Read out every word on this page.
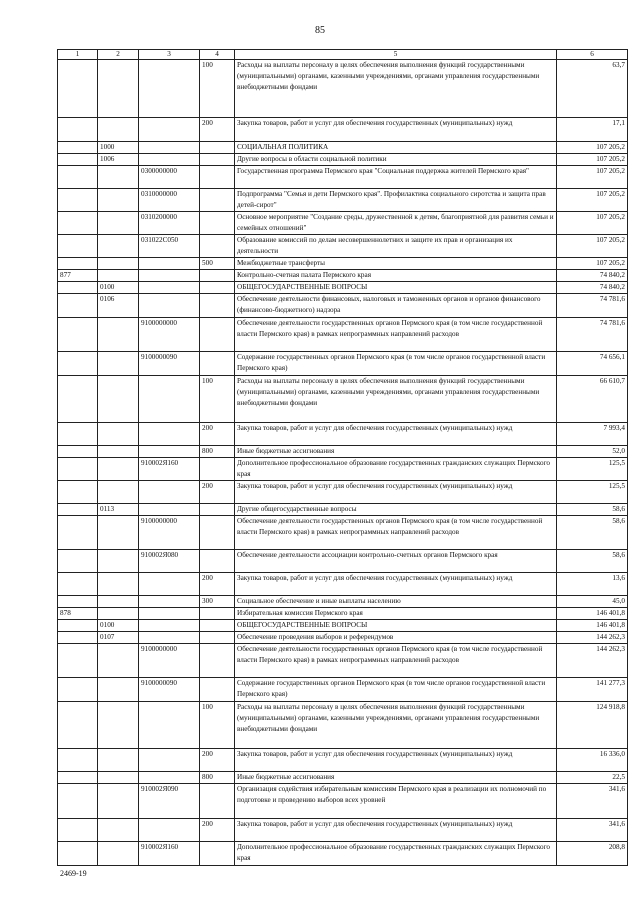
85
1	2	3	4	5	6
			100	Расходы на выплаты персоналу в целях обеспечения выполнения функций государственными (муниципальными) органами, казенными учреждениями, органами управления государственными внебюджетными фондами	63,7
			200	Закупка товаров, работ и услуг для обеспечения государственных (муниципальных) нужд	17,1
	1000			СОЦИАЛЬНАЯ ПОЛИТИКА	107 205,2
	1006			Другие вопросы в области социальной политики	107 205,2
		0300000000		Государственная программа Пермского края "Социальная поддержка жителей Пермского края"	107 205,2
		0310000000		Подпрограмма "Семья и дети Пермского края". Профилактика социального сиротства и защита прав детей-сирот"	107 205,2
		0310200000		Основное мероприятие "Создание среды, дружественной к детям, благоприятной для развития семьи и семейных отношений"	107 205,2
		031022С050		Образование комиссий по делам несовершеннолетних и защите их прав и организация их деятельности	107 205,2
			500	Межбюджетные трансферты	107 205,2
877				Контрольно-счетная палата Пермского края	74 840,2
	0100			ОБЩЕГОСУДАРСТВЕННЫЕ ВОПРОСЫ	74 840,2
	0106			Обеспечение деятельности финансовых, налоговых и таможенных органов и органов финансового (финансово-бюджетного) надзора	74 781,6
		9100000000		Обеспечение деятельности государственных органов Пермского края (в том числе государственной власти Пермского края) в рамках непрограммных направлений расходов	74 781,6
		9100000090		Содержание государственных органов Пермского края (в том числе органов государственной власти Пермского края)	74 656,1
			100	Расходы на выплаты персоналу в целях обеспечения выполнения функций государственными (муниципальными) органами, казенными учреждениями, органами управления государственными внебюджетными фондами	66 610,7
			200	Закупка товаров, работ и услуг для обеспечения государственных (муниципальных) нужд	7 993,4
			800	Иные бюджетные ассигнования	52,0
		910002Я160		Дополнительное профессиональное образование государственных гражданских служащих Пермского края	125,5
			200	Закупка товаров, работ и услуг для обеспечения государственных (муниципальных) нужд	125,5
	0113			Другие общегосударственные вопросы	58,6
		9100000000		Обеспечение деятельности государственных органов Пермского края (в том числе государственной власти Пермского края) в рамках непрограммных направлений расходов	58,6
		910002Я080		Обеспечение деятельности ассоциации контрольно-счетных органов Пермского края	58,6
			200	Закупка товаров, работ и услуг для обеспечения государственных (муниципальных) нужд	13,6
			300	Социальное обеспечение и иные выплаты населению	45,0
878				Избирательная комиссия Пермского края	146 401,8
	0100			ОБЩЕГОСУДАРСТВЕННЫЕ ВОПРОСЫ	146 401,8
	0107			Обеспечение проведения выборов и референдумов	144 262,3
		9100000000		Обеспечение деятельности государственных органов Пермского края (в том числе государственной власти Пермского края) в рамках непрограммных направлений расходов	144 262,3
		9100000090		Содержание государственных органов Пермского края (в том числе органов государственной власти Пермского края)	141 277,3
			100	Расходы на выплаты персоналу в целях обеспечения выполнения функций государственными (муниципальными) органами, казенными учреждениями, органами управления государственными внебюджетными фондами	124 918,8
			200	Закупка товаров, работ и услуг для обеспечения государственных (муниципальных) нужд	16 336,0
			800	Иные бюджетные ассигнования	22,5
		910002Я090		Организация содействия избирательным комиссиям Пермского края в реализации их полномочий по подготовке и проведению выборов всех уровней	341,6
			200	Закупка товаров, работ и услуг для обеспечения государственных (муниципальных) нужд	341,6
		910002Я160		Дополнительное профессиональное образование государственных гражданских служащих Пермского края	208,8
2469-19
